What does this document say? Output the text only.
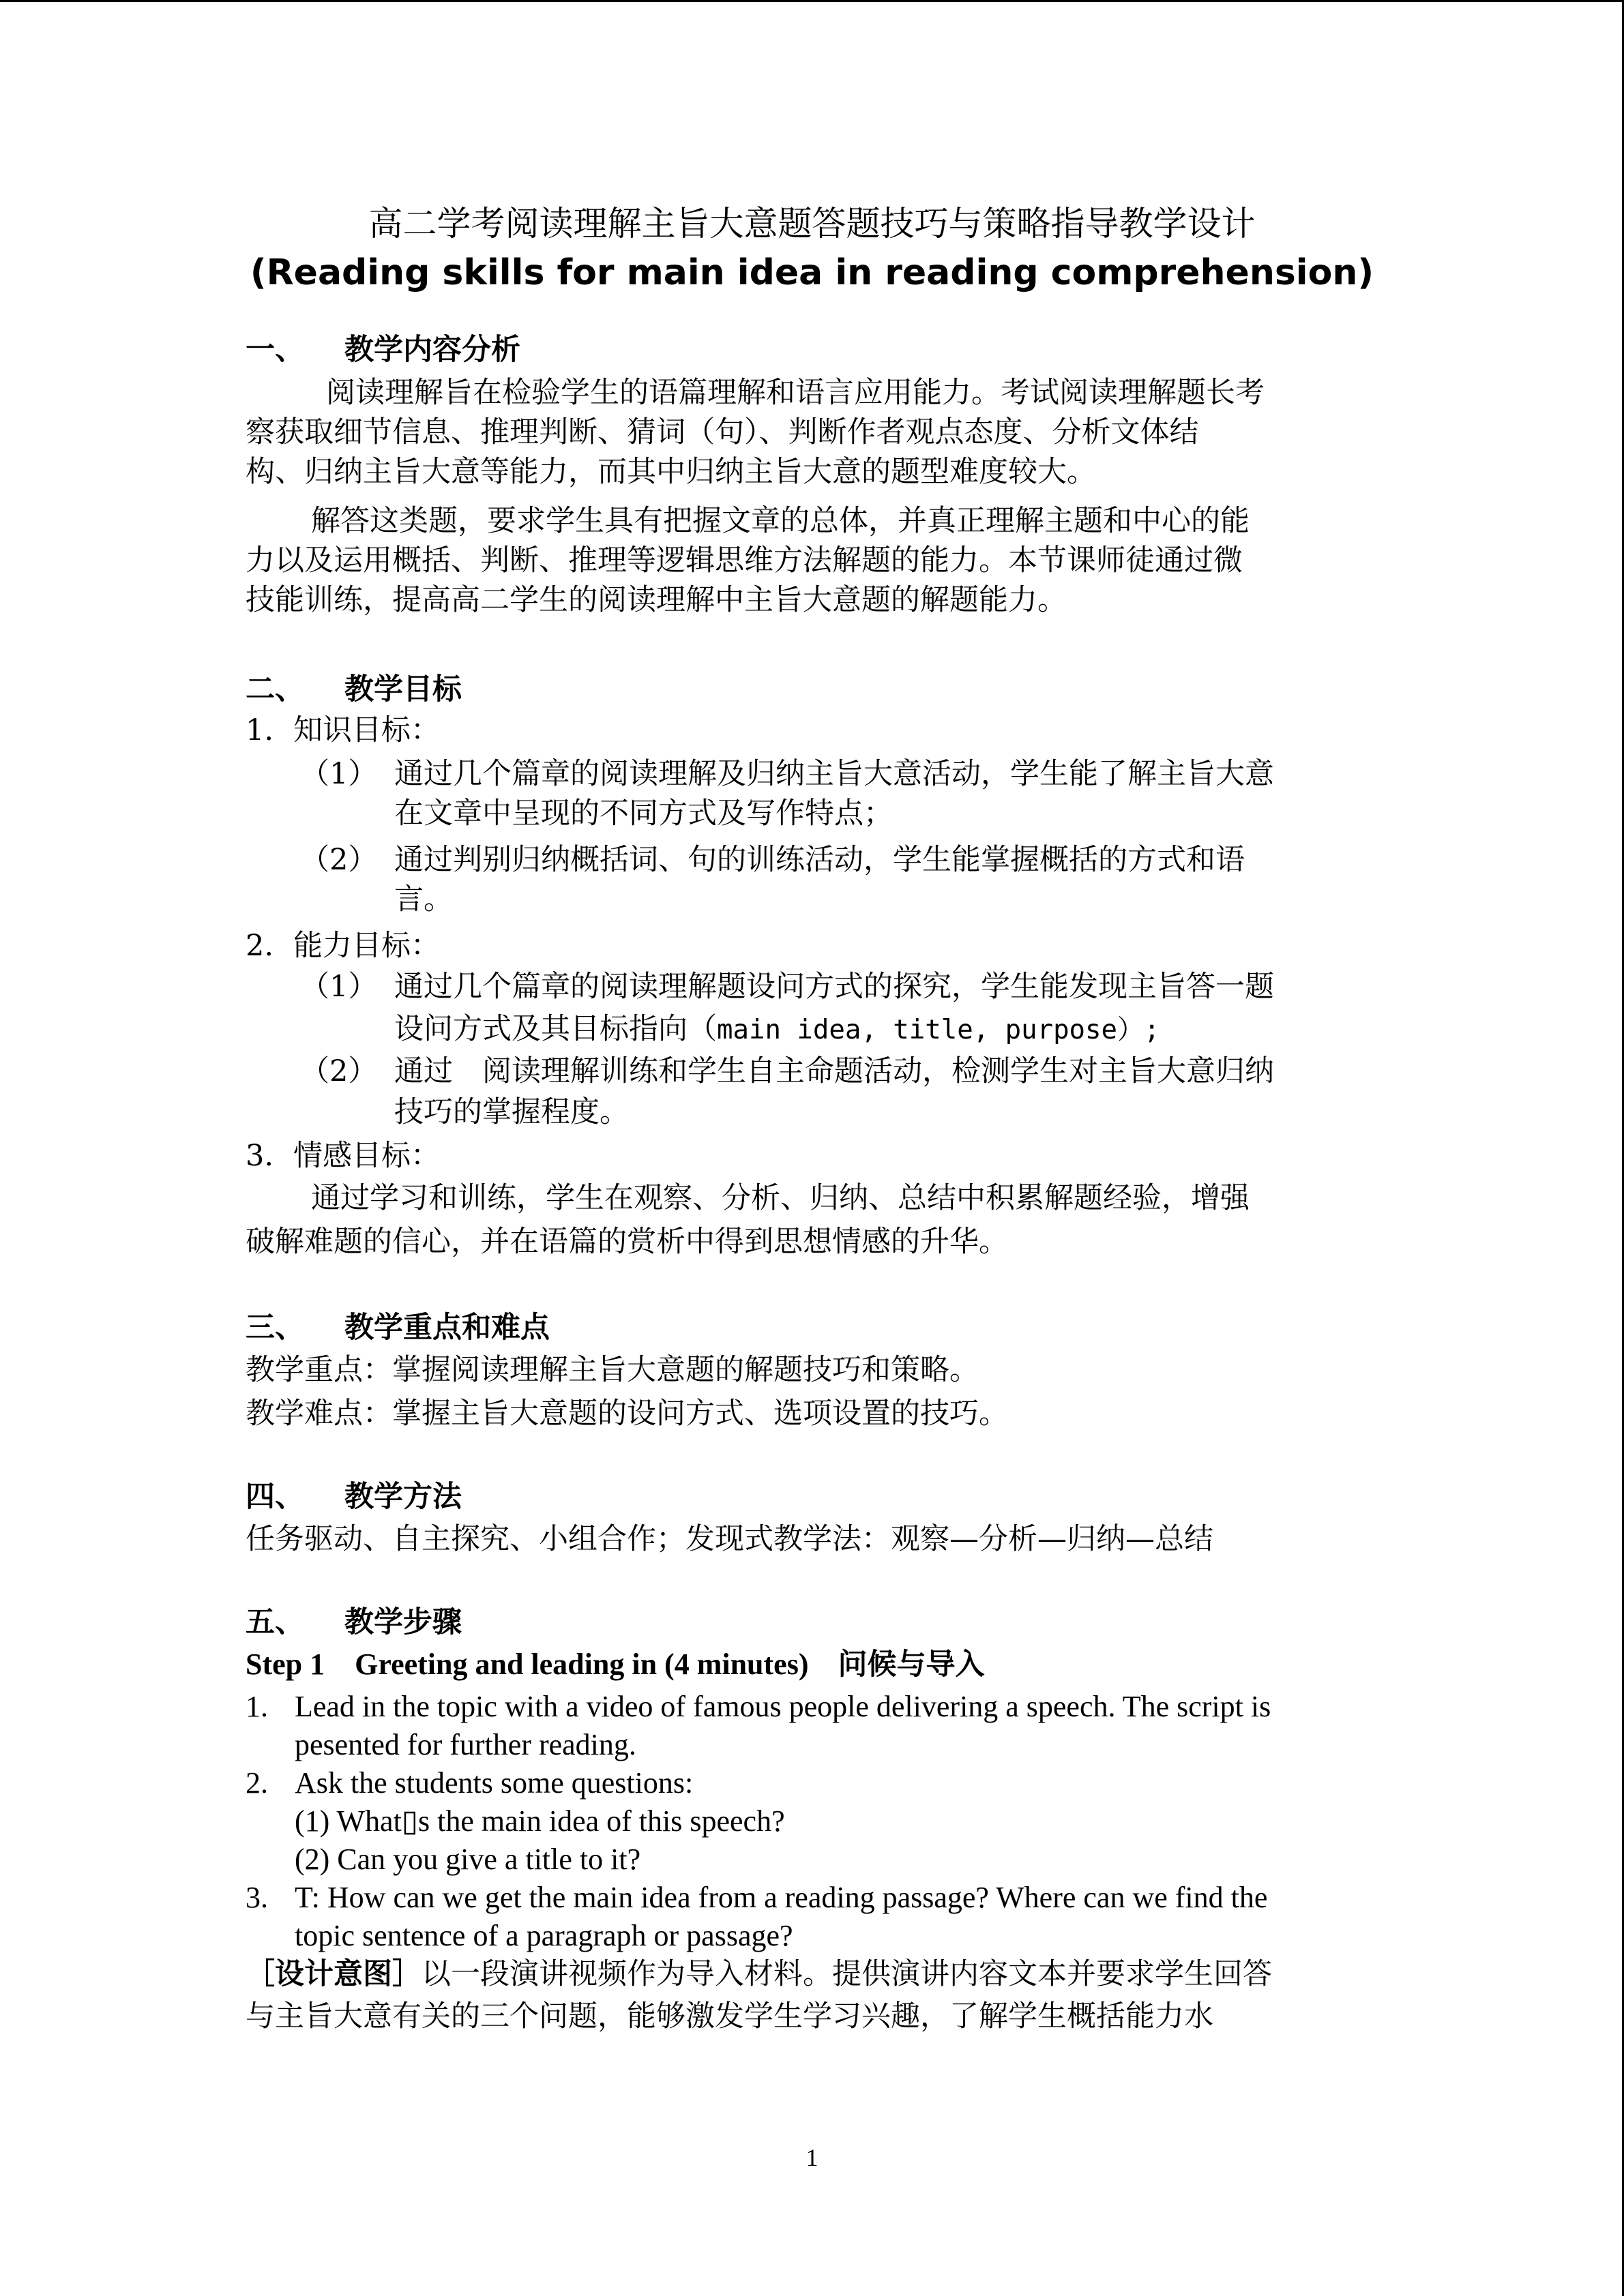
高二学考阅读理解主旨大意题答题技巧与策略指导教学设计
(Reading skills for main idea in reading comprehension)
一、 教学内容分析
阅读理解旨在检验学生的语篇理解和语言应用能力。考试阅读理解题长考
察获取细节信息、推理判断、猜词（句）、判断作者观点态度、分析文体结
构、归纳主旨大意等能力，而其中归纳主旨大意的题型难度较大。
解答这类题，要求学生具有把握文章的总体，并真正理解主题和中心的能
力以及运用概括、判断、推理等逻辑思维方法解题的能力。本节课师徒通过微
技能训练，提高高二学生的阅读理解中主旨大意题的解题能力。
二、 教学目标
1. 知识目标：
（1） 通过几个篇章的阅读理解及归纳主旨大意活动，学生能了解主旨大意
在文章中呈现的不同方式及写作特点；
（2） 通过判别归纳概括词、句的训练活动，学生能掌握概括的方式和语
言。
2. 能力目标：
（1） 通过几个篇章的阅读理解题设问方式的探究，学生能发现主旨答一题
设问方式及其目标指向（main idea, title, purpose）;
（2） 通过　阅读理解训练和学生自主命题活动，检测学生对主旨大意归纳
技巧的掌握程度。
3. 情感目标：
通过学习和训练，学生在观察、分析、归纳、总结中积累解题经验，增强
破解难题的信心，并在语篇的赏析中得到思想情感的升华。
三、 教学重点和难点
教学重点：掌握阅读理解主旨大意题的解题技巧和策略。
教学难点：掌握主旨大意题的设问方式、选项设置的技巧。
四、 教学方法
任务驱动、自主探究、小组合作；发现式教学法：观察—分析—归纳—总结
五、 教学步骤
Step 1　Greeting and leading in (4 minutes)　 问候与导入
1. Lead in the topic with a video of famous people delivering a speech. The script is
pesented for further reading.
2. Ask the students some questions:
(1) What▯s the main idea of this speech?
(2) Can you give a title to it?
3. T: How can we get the main idea from a reading passage? Where can we find the
topic sentence of a paragraph or passage?
［设计意图］以一段演讲视频作为导入材料。提供演讲内容文本并要求学生回答
与主旨大意有关的三个问题，能够激发学生学习兴趣，了解学生概括能力水
1
